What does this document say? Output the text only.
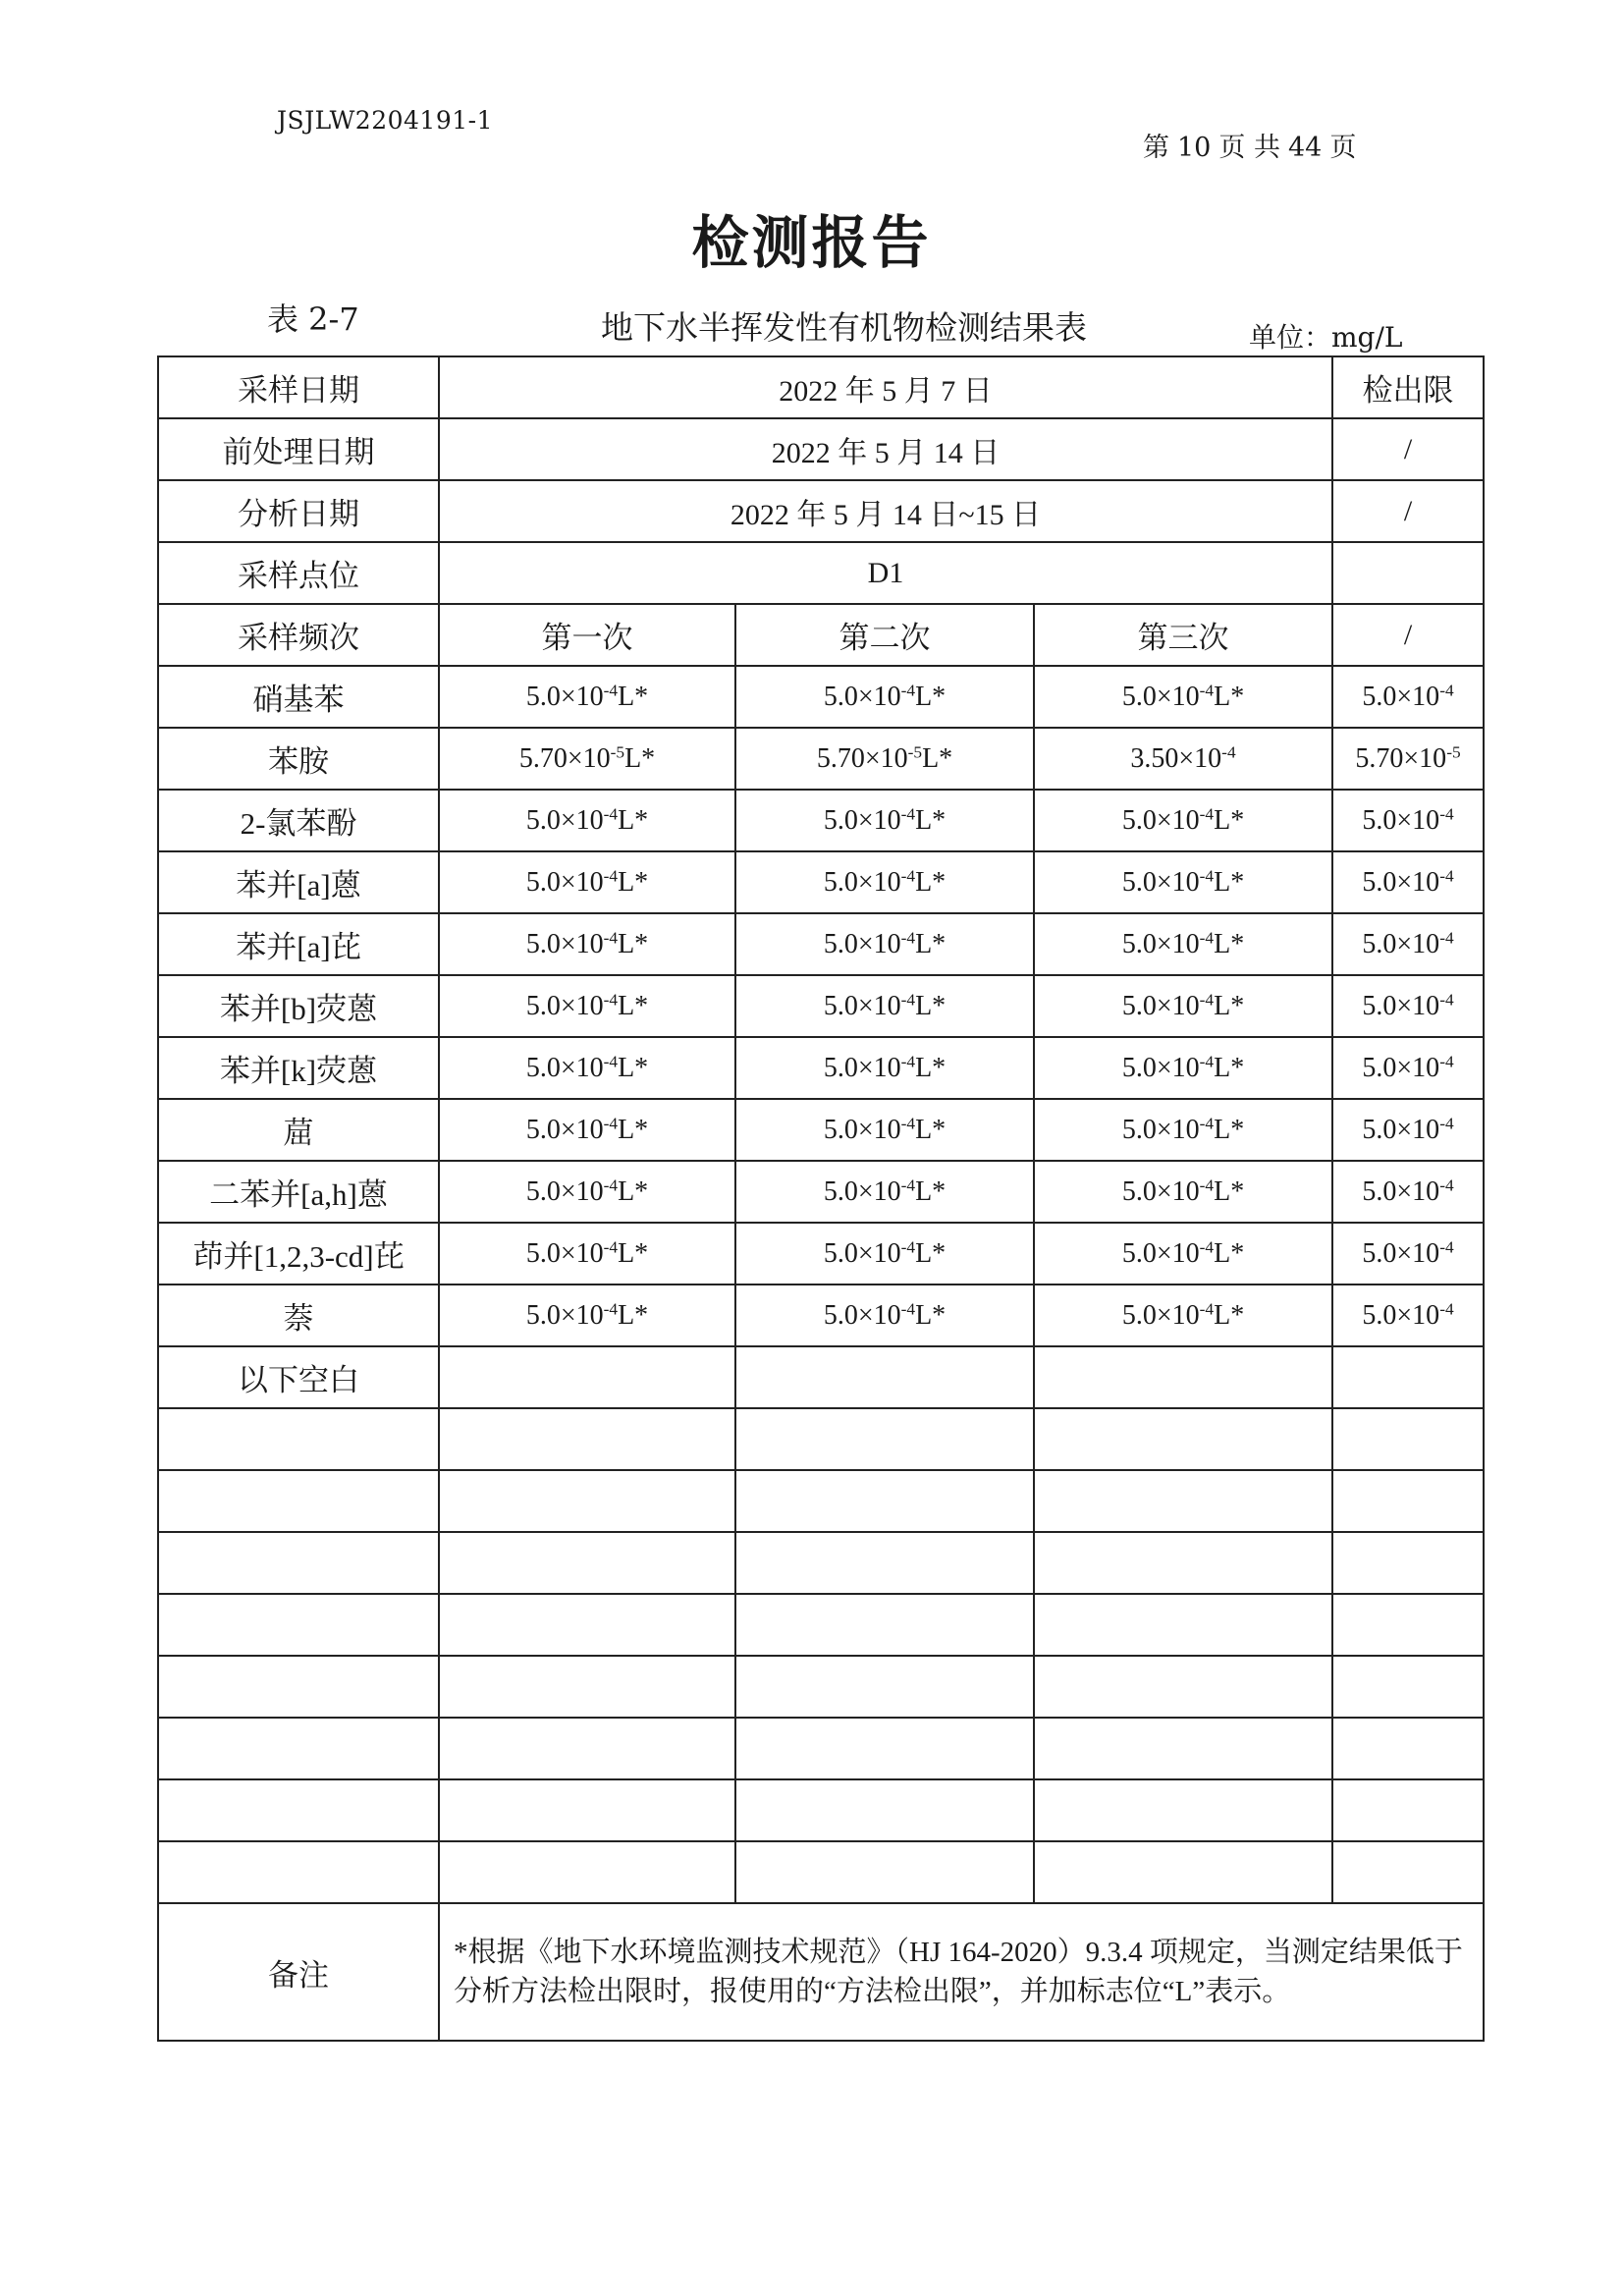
JSJLW2204191-1
第 10 页 共 44 页
检测报告
表 2-7	地下水半挥发性有机物检测结果表	单位：mg/L
采样日期	2022 年 5 月 7 日			检出限
前处理日期	2022 年 5 月 14 日			/
分析日期	2022 年 5 月 14 日~15 日			/
采样点位	D1			
采样频次	第一次	第二次	第三次	/
硝基苯	$5.0\times 10^{-4}L*$	$5.0\times 10^{-4}L*$	$5.0\times 10^{-4}L*$	$5.0\times 10^{-4}$
苯胺	$5.70\times 10^{-5}L*$	$5.70\times 10^{-5}L*$	$3.50\times 10^{-4}$	$5.70\times 10^{-5}$
2-氯苯酚	$5.0\times 10^{-4}L*$	$5.0\times 10^{-4}L*$	$5.0\times 10^{-4}L*$	$5.0\times 10^{-4}$
苯并[a]蒽	$5.0\times 10^{-4}L*$	$5.0\times 10^{-4}L*$	$5.0\times 10^{-4}L*$	$5.0\times 10^{-4}$
苯并[a]芘	$5.0\times 10^{-4}L*$	$5.0\times 10^{-4}L*$	$5.0\times 10^{-4}L*$	$5.0\times 10^{-4}$
苯并[b]荧蒽	$5.0\times 10^{-4}L*$	$5.0\times 10^{-4}L*$	$5.0\times 10^{-4}L*$	$5.0\times 10^{-4}$
苯并[k]荧蒽	$5.0\times 10^{-4}L*$	$5.0\times 10^{-4}L*$	$5.0\times 10^{-4}L*$	$5.0\times 10^{-4}$
䓛	$5.0\times 10^{-4}L*$	$5.0\times 10^{-4}L*$	$5.0\times 10^{-4}L*$	$5.0\times 10^{-4}$
二苯并[a,h]蒽	$5.0\times 10^{-4}L*$	$5.0\times 10^{-4}L*$	$5.0\times 10^{-4}L*$	$5.0\times 10^{-4}$
茚并[1,2,3-cd]芘	$5.0\times 10^{-4}L*$	$5.0\times 10^{-4}L*$	$5.0\times 10^{-4}L*$	$5.0\times 10^{-4}$
萘	$5.0\times 10^{-4}L*$	$5.0\times 10^{-4}L*$	$5.0\times 10^{-4}L*$	$5.0\times 10^{-4}$
以下空白				

备注	*根据《地下水环境监测技术规范》（HJ 164-2020）9.3.4 项规定，当测定结果低于分析方法检出限时，报使用的“方法检出限”，并加标志位“L”表示。			
